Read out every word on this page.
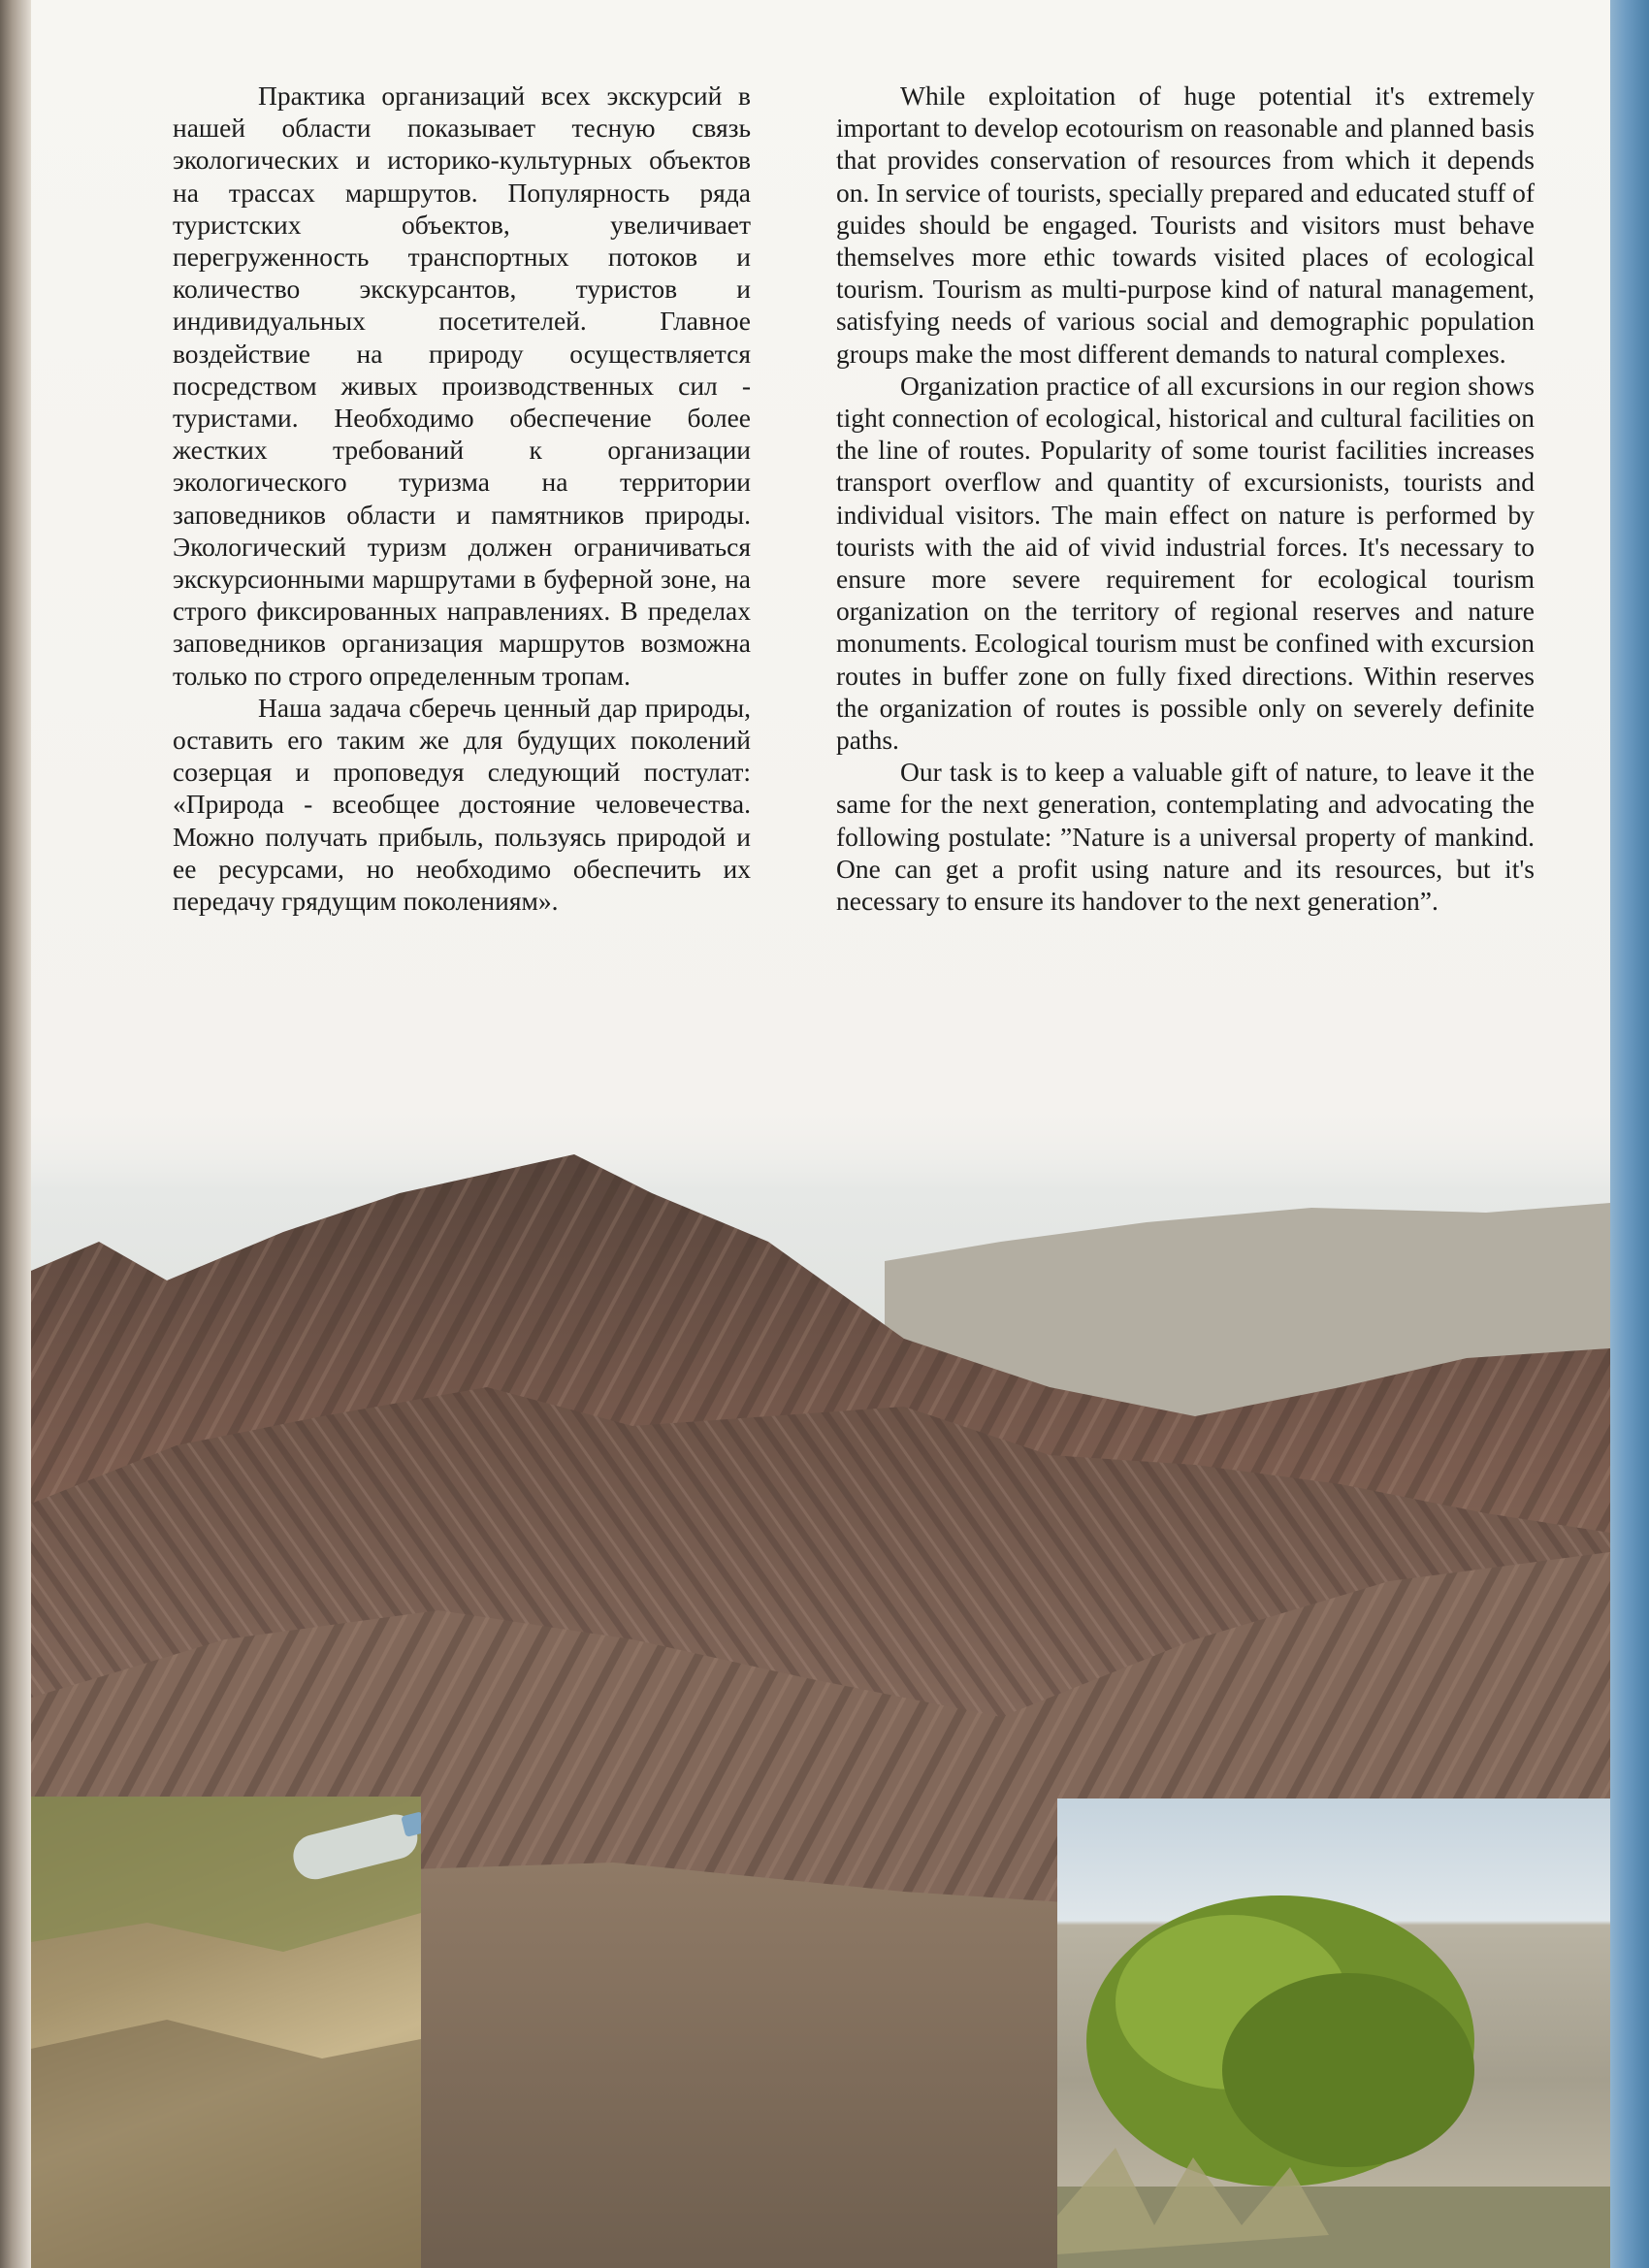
Практика организаций всех экскурсий в нашей области показывает тесную связь экологических и историко-культурных объектов на трассах маршрутов. Популярность ряда туристских объектов, увеличивает перегруженность транспортных потоков и количество экскурсантов, туристов и индивидуальных посетителей. Главное воздействие на природу осуществляется посредством живых производственных сил - туристами. Необходимо обеспечение более жестких требований к организации экологического туризма на территории заповедников области и памятников природы. Экологический туризм должен ограничиваться экскурсионными маршрутами в буферной зоне, на строго фиксированных направлениях. В пределах заповедников организация маршрутов возможна только по строго определенным тропам.

Наша задача сберечь ценный дар природы, оставить его таким же для будущих поколений созерцая и проповедуя следующий постулат: «Природа - всеобщее достояние человечества. Можно получать прибыль, пользуясь природой и ее ресурсами, но необходимо обеспечить их передачу грядущим поколениям».

While exploitation of huge potential it's extremely important to develop ecotourism on reasonable and planned basis that provides conservation of resources from which it depends on. In service of tourists, specially prepared and educated stuff of guides should be engaged. Tourists and visitors must behave themselves more ethic towards visited places of ecological tourism. Tourism as multi-purpose kind of natural management, satisfying needs of various social and demographic population groups make the most different demands to natural complexes.

Organization practice of all excursions in our region shows tight connection of ecological, historical and cultural facilities on the line of routes. Popularity of some tourist facilities increases transport overflow and quantity of excursionists, tourists and individual visitors. The main effect on nature is performed by tourists with the aid of vivid industrial forces. It's necessary to ensure more severe requirement for ecological tourism organization on the territory of regional reserves and nature monuments. Ecological tourism must be confined with excursion routes in buffer zone on fully fixed directions. Within reserves the organization of routes is possible only on severely definite paths.

Our task is to keep a valuable gift of nature, to leave it the same for the next generation, contemplating and advocating the following postulate: ”Nature is a universal property of mankind. One can get a profit using nature and its resources, but it's necessary to ensure its handover to the next generation”.
